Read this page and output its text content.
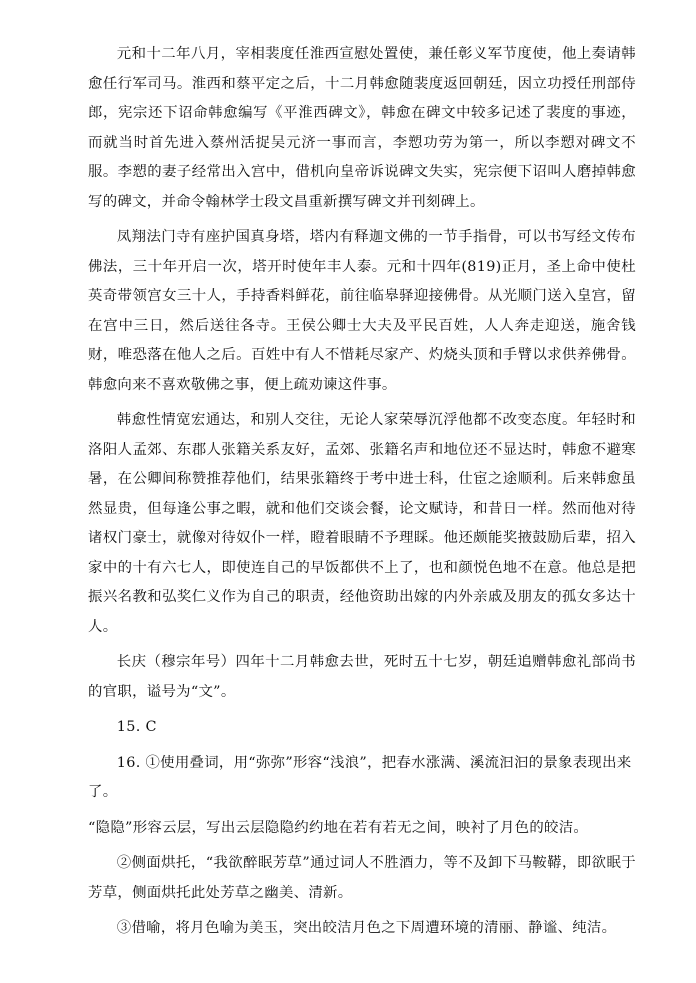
元和十二年八月，宰相裴度任淮西宣慰处置使，兼任彰义军节度使，他上奏请韩愈任行军司马。淮西和蔡平定之后，十二月韩愈随裴度返回朝廷，因立功授任刑部侍郎，宪宗还下诏命韩愈编写《平淮西碑文》，韩愈在碑文中较多记述了裴度的事迹，而就当时首先进入蔡州活捉吴元济一事而言，李愬功劳为第一，所以李愬对碑文不服。李愬的妻子经常出入宫中，借机向皇帝诉说碑文失实，宪宗便下诏叫人磨掉韩愈写的碑文，并命令翰林学士段文昌重新撰写碑文并刊刻碑上。

凤翔法门寺有座护国真身塔，塔内有释迦文佛的一节手指骨，可以书写经文传布佛法，三十年开启一次，塔开时使年丰人泰。元和十四年(819)正月，圣上命中使杜英奇带领宫女三十人，手持香料鲜花，前往临皋驿迎接佛骨。从光顺门送入皇宫，留在宫中三日，然后送往各寺。王侯公卿士大夫及平民百姓，人人奔走迎送，施舍钱财，唯恐落在他人之后。百姓中有人不惜耗尽家产、灼烧头顶和手臂以求供养佛骨。韩愈向来不喜欢敬佛之事，便上疏劝谏这件事。

韩愈性情宽宏通达，和别人交往，无论人家荣辱沉浮他都不改变态度。年轻时和洛阳人孟郊、东郡人张籍关系友好，孟郊、张籍名声和地位还不显达时，韩愈不避寒暑，在公卿间称赞推荐他们，结果张籍终于考中进士科，仕宦之途顺利。后来韩愈虽然显贵，但每逢公事之暇，就和他们交谈会餐，论文赋诗，和昔日一样。然而他对待诸权门豪士，就像对待奴仆一样，瞪着眼睛不予理睬。他还颇能奖掖鼓励后辈，招入家中的十有六七人，即使连自己的早饭都供不上了，也和颜悦色地不在意。他总是把振兴名教和弘奖仁义作为自己的职责，经他资助出嫁的内外亲戚及朋友的孤女多达十人。

长庆（穆宗年号）四年十二月韩愈去世，死时五十七岁，朝廷追赠韩愈礼部尚书的官职，谥号为“文”。

15. C

16. ①使用叠词，用“弥弥”形容“浅浪”，把春水涨满、溪流汩汩的景象表现出来了。

“隐隐”形容云层，写出云层隐隐约约地在若有若无之间，映衬了月色的皎洁。

②侧面烘托，“我欲醉眠芳草”通过词人不胜酒力，等不及卸下马鞍鞯，即欲眠于芳草，侧面烘托此处芳草之幽美、清新。

③借喻，将月色喻为美玉，突出皎洁月色之下周遭环境的清丽、静谧、纯洁。
